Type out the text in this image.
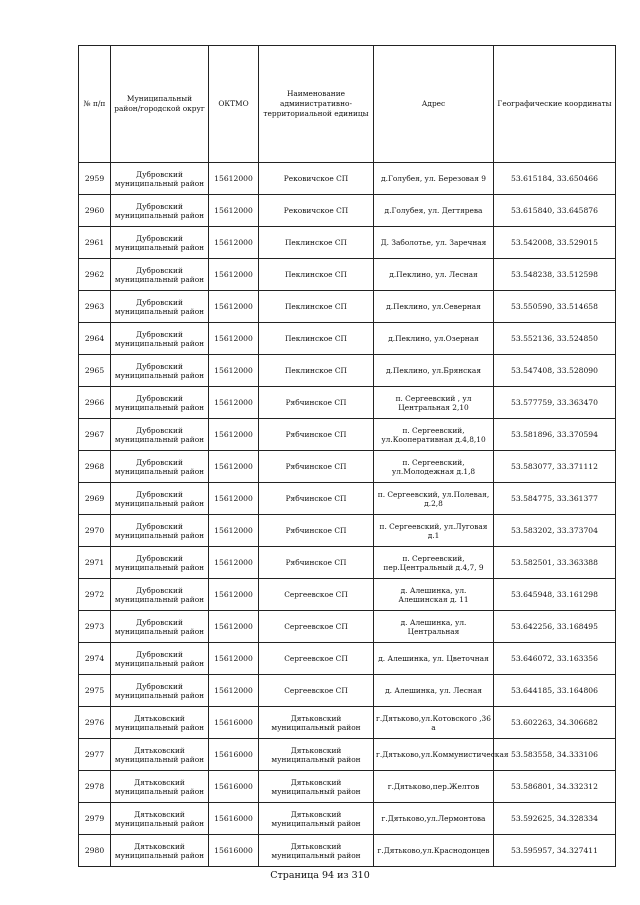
№ п/п	Муниципальный район/городской округ	ОКТМО	Наименование административно-территориальной единицы	Адрес	Географические координаты
2959	Дубровский муниципальный район	15612000	Рековичское СП	д.Голубея, ул. Березовая 9	53.615184, 33.650466
2960	Дубровский муниципальный район	15612000	Рековичское СП	д.Голубея, ул. Дегтярева	53.615840, 33.645876
2961	Дубровский муниципальный район	15612000	Пеклинское СП	Д. Заболотье, ул. Заречная	53.542008, 33.529015
2962	Дубровский муниципальный район	15612000	Пеклинское СП	д.Пеклино, ул. Лесная	53.548238, 33.512598
2963	Дубровский муниципальный район	15612000	Пеклинское СП	д.Пеклино, ул.Северная	53.550590, 33.514658
2964	Дубровский муниципальный район	15612000	Пеклинское СП	д.Пеклино, ул.Озерная	53.552136, 33.524850
2965	Дубровский муниципальный район	15612000	Пеклинское СП	д.Пеклино, ул.Брянская	53.547408, 33.528090
2966	Дубровский муниципальный район	15612000	Рябчинское СП	п. Сергеевский , ул Центральная 2,10	53.577759, 33.363470
2967	Дубровский муниципальный район	15612000	Рябчинское СП	п. Сергеевский, ул.Кооперативная д.4,8,10	53.581896, 33.370594
2968	Дубровский муниципальный район	15612000	Рябчинское СП	п. Сергеевский, ул.Молодежная д.1,8	53.583077, 33.371112
2969	Дубровский муниципальный район	15612000	Рябчинское СП	п. Сергеевский, ул.Полевая, д.2,8	53.584775, 33.361377
2970	Дубровский муниципальный район	15612000	Рябчинское СП	п. Сергеевский, ул.Луговая д.1	53.583202, 33.373704
2971	Дубровский муниципальный район	15612000	Рябчинское СП	п. Сергеевский, пер.Центральный д.4,7, 9	53.582501, 33.363388
2972	Дубровский муниципальный район	15612000	Сергеевское СП	д. Алешинка, ул. Алешинская д. 11	53.645948, 33.161298
2973	Дубровский муниципальный район	15612000	Сергеевское СП	д. Алешинка, ул. Центральная	53.642256, 33.168495
2974	Дубровский муниципальный район	15612000	Сергеевское СП	д. Алешинка, ул. Цветочная	53.646072, 33.163356
2975	Дубровский муниципальный район	15612000	Сергеевское СП	д. Алешинка, ул. Лесная	53.644185, 33.164806
2976	Дятьковский муниципальный район	15616000	Дятьковский муниципальный район	г.Дятьково,ул.Котовского ,36 а	53.602263, 34.306682
2977	Дятьковский муниципальный район	15616000	Дятьковский муниципальный район	г.Дятьково,ул.Коммунистическая	53.583558, 34.333106
2978	Дятьковский муниципальный район	15616000	Дятьковский муниципальный район	г.Дятьково,пер.Желтов	53.586801, 34.332312
2979	Дятьковский муниципальный район	15616000	Дятьковский муниципальный район	г.Дятьково,ул.Лермонтова	53.592625, 34.328334
2980	Дятьковский муниципальный район	15616000	Дятьковский муниципальный район	г.Дятьково,ул.Краснодонцев	53.595957, 34.327411
Страница 94 из 310
